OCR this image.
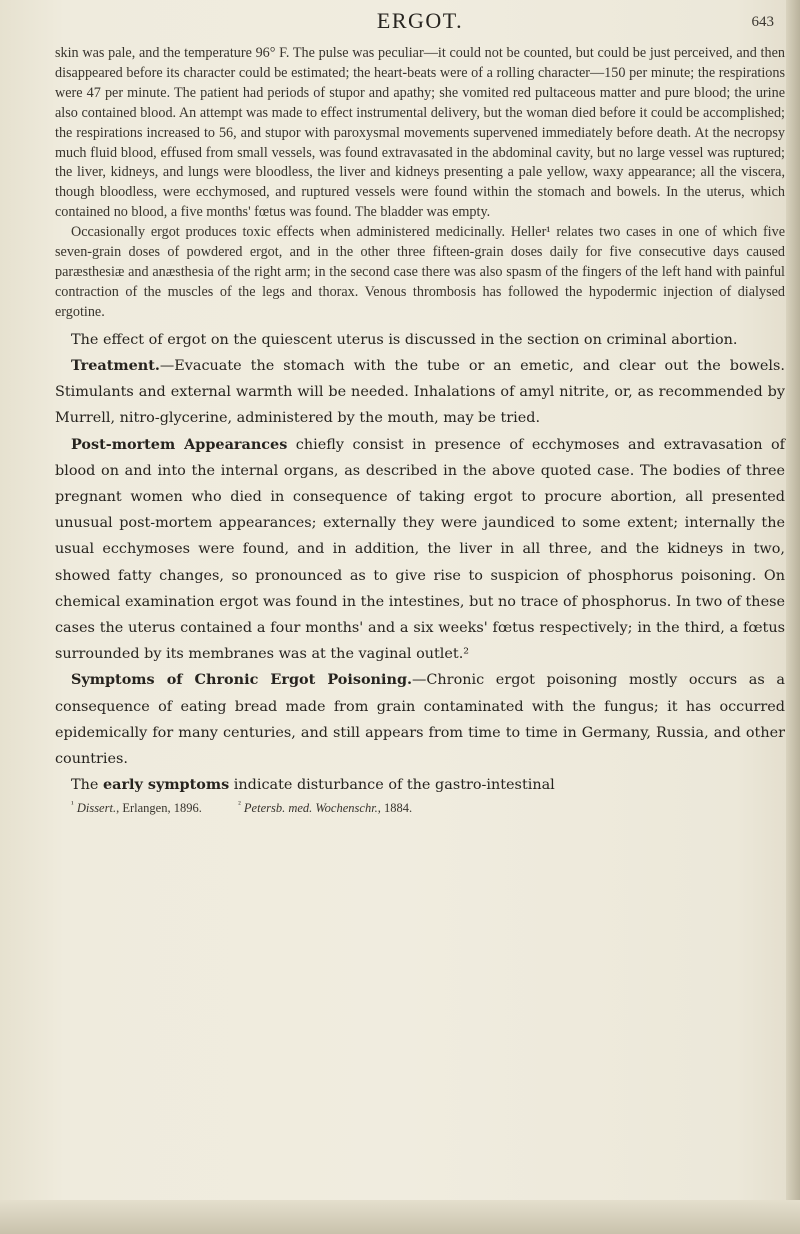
ERGOT.	643

skin was pale, and the temperature 96° F. The pulse was peculiar—it could not be counted, but could be just perceived, and then disappeared before its character could be estimated; the heart-beats were of a rolling character—150 per minute; the respirations were 47 per minute. The patient had periods of stupor and apathy; she vomited red pultaceous matter and pure blood; the urine also contained blood. An attempt was made to effect instrumental delivery, but the woman died before it could be accomplished; the respirations increased to 56, and stupor with paroxysmal movements supervened immediately before death. At the necropsy much fluid blood, effused from small vessels, was found extravasated in the abdominal cavity, but no large vessel was ruptured; the liver, kidneys, and lungs were bloodless, the liver and kidneys presenting a pale yellow, waxy appearance; all the viscera, though bloodless, were ecchymosed, and ruptured vessels were found within the stomach and bowels. In the uterus, which contained no blood, a five months' fœtus was found. The bladder was empty.

Occasionally ergot produces toxic effects when administered medicinally. Heller¹ relates two cases in one of which five seven-grain doses of powdered ergot, and in the other three fifteen-grain doses daily for five consecutive days caused paræsthesiæ and anæsthesia of the right arm; in the second case there was also spasm of the fingers of the left hand with painful contraction of the muscles of the legs and thorax. Venous thrombosis has followed the hypodermic injection of dialysed ergotine.

The effect of ergot on the quiescent uterus is discussed in the section on criminal abortion.

Treatment.—Evacuate the stomach with the tube or an emetic, and clear out the bowels. Stimulants and external warmth will be needed. Inhalations of amyl nitrite, or, as recommended by Murrell, nitro-glycerine, administered by the mouth, may be tried.

Post-mortem Appearances chiefly consist in presence of ecchymoses and extravasation of blood on and into the internal organs, as described in the above quoted case. The bodies of three pregnant women who died in consequence of taking ergot to procure abortion, all presented unusual post-mortem appearances; externally they were jaundiced to some extent; internally the usual ecchymoses were found, and in addition, the liver in all three, and the kidneys in two, showed fatty changes, so pronounced as to give rise to suspicion of phosphorus poisoning. On chemical examination ergot was found in the intestines, but no trace of phosphorus. In two of these cases the uterus contained a four months' and a six weeks' fœtus respectively; in the third, a fœtus surrounded by its membranes was at the vaginal outlet.²

Symptoms of Chronic Ergot Poisoning.—Chronic ergot poisoning mostly occurs as a consequence of eating bread made from grain contaminated with the fungus; it has occurred epidemically for many centuries, and still appears from time to time in Germany, Russia, and other countries.

The early symptoms indicate disturbance of the gastro-intestinal

$^{^1}$ Dissert., Erlangen, 1896.	$^{^2}$ Petersb. med. Wochenschr., 1884.
